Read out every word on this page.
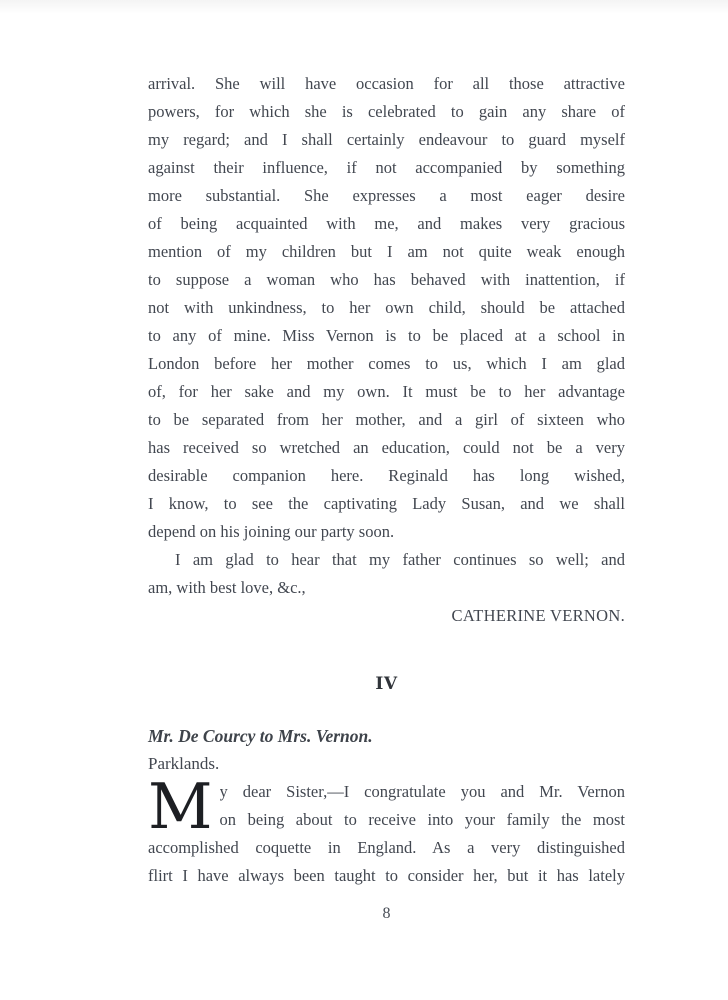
arrival. She will have occasion for all those attractive
powers, for which she is celebrated to gain any share of
my regard; and I shall certainly endeavour to guard myself
against their influence, if not accompanied by something
more substantial. She expresses a most eager desire
of being acquainted with me, and makes very gracious
mention of my children but I am not quite weak enough
to suppose a woman who has behaved with inattention, if
not with unkindness, to her own child, should be attached
to any of mine. Miss Vernon is to be placed at a school in
London before her mother comes to us, which I am glad
of, for her sake and my own. It must be to her advantage
to be separated from her mother, and a girl of sixteen who
has received so wretched an education, could not be a very
desirable companion here. Reginald has long wished,
I know, to see the captivating Lady Susan, and we shall
depend on his joining our party soon.
I am glad to hear that my father continues so well; and
am, with best love, &c.,
CATHERINE VERNON.
IV
Mr. De Courcy to Mrs. Vernon.
Parklands.
M y dear Sister,—I congratulate you and Mr. Vernon
on being about to receive into your family the most
accomplished coquette in England. As a very distinguished
flirt I have always been taught to consider her, but it has lately
8
